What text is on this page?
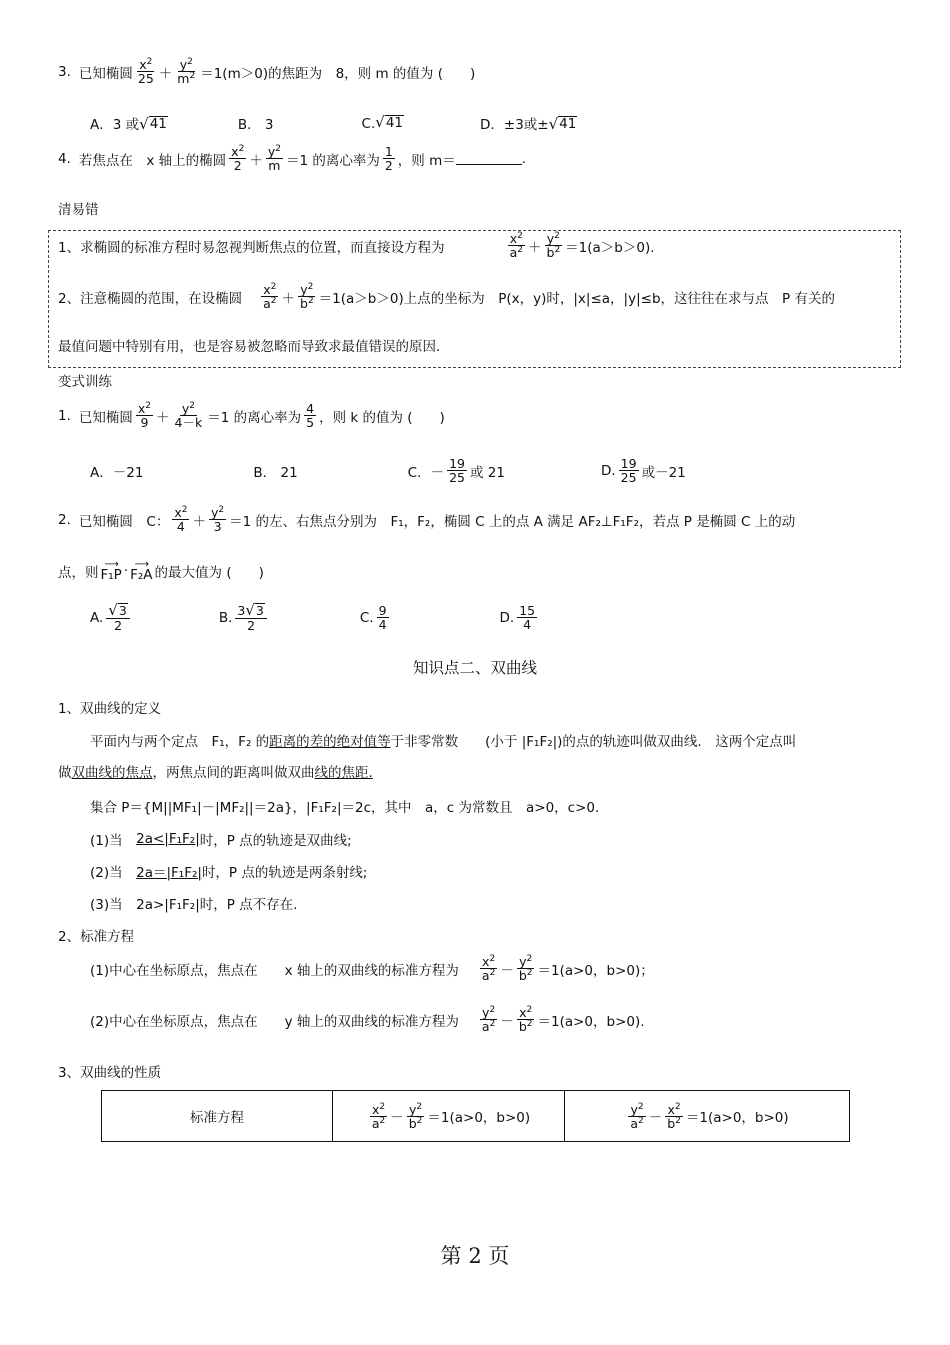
3. 已知椭圆 $\frac{x^2}{25} + \frac{y^2}{m^2} =1(m>0)$的焦距为　8，则 m 的值为 (　　)
A．3 或 √ 41	B． 3	C. √ 41	D．±3或± √ 41
4. 若焦点在　x 轴上的椭圆 $\frac{x^2}{2} + \frac{y^2}{m} =1$ 的离心率为 $\frac{1}{2}$ ，则 m＝	.
清易错
1、求椭圆的标准方程时易忽视判断焦点的位置，而直接设方程为	$\frac{x^2}{a^2} + \frac{y^2}{b^2} =1(a>b>0)$.
2、注意椭圆的范围，在设椭圆 $\frac{x^2}{a^2} + \frac{y^2}{b^2} =1(a>b>0)$上点的坐标为　P(x，y)时，|x|≤a，|y|≤b，这往往在求与点　P 有关的
最值问题中特别有用，也是容易被忽略而导致求最值错误的原因.
变式训练
1. 已知椭圆 $\frac{x^2}{9} + \frac{y^2}{4-k} =1$ 的离心率为 $\frac{4}{5}$ ，则 k 的值为 (　　)
A．－21	B． 21	C．－ $\frac{19}{25}$ 或 21	D. $\frac{19}{25}$ 或－21
2. 已知椭圆　C： $\frac{x^2}{4} + \frac{y^2}{3} =1$ 的左、右焦点分别为　F₁，F₂，椭圆 C 上的点 A 满足 AF₂⊥F₁F₂，若点 P 是椭圆 C 上的动
点，则
⟶
F₁P · ⟶
F₂A 的最大值为 (　　)
A. $\frac{√ 3}{2}$	B. $\frac{3 √ 3}{2}$	C. $\frac{9}{4}$	D. $\frac{15}{4}$
知识点二、双曲线
1、双曲线的定义
平面内与两个定点　F₁，F₂ 的 距离的差的绝对值等 于非零常数　　(小于 |F₁F₂|)的点的轨迹叫做双曲线.　这两个定点叫
做 双曲线的焦点 ，两焦点间的距离叫做双曲 线的焦距.
集合 P＝{M||MF₁|－|MF₂||＝2a}，|F₁F₂|＝2c，其中　a，c 为常数且　a>0，c>0.
(1)当　 2a<|F₁F₂| 时，P 点的轨迹是双曲线;
(2)当　 2a＝|F₁F₂| 时，P 点的轨迹是两条射线;
(3)当　2a>|F₁F₂|时，P 点不存在.
2、标准方程
(1)中心在坐标原点，焦点在　　x 轴上的双曲线的标准方程为 $\frac{x^2}{a^2} - \frac{y^2}{b^2} =1(a>0$，b>0)；
(2)中心在坐标原点，焦点在　　y 轴上的双曲线的标准方程为 $\frac{y^2}{a^2} - \frac{x^2}{b^2} =1(a>0$，b>0).
3、双曲线的性质
标准方程	$\frac{x^2}{a^2} - \frac{y^2}{b^2} =1(a>0$，b>0)	$\frac{y^2}{a^2} - \frac{x^2}{b^2} =1(a>0$，b>0)
第 2 页
